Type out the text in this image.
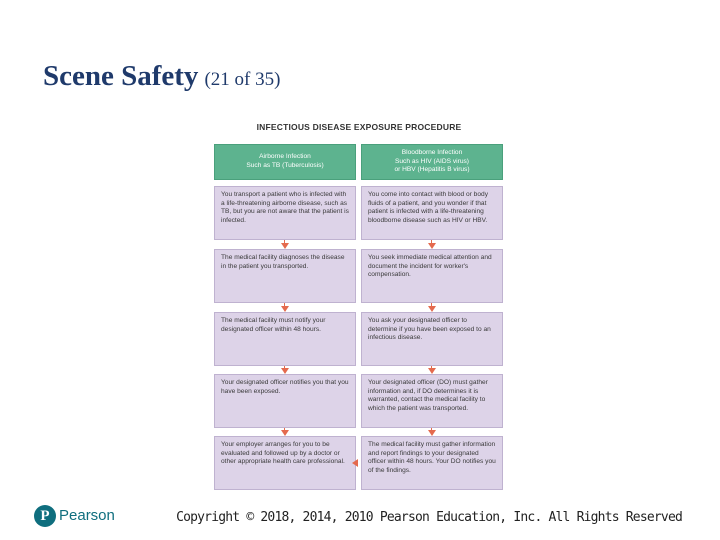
Scene Safety (21 of 35)
INFECTIOUS DISEASE EXPOSURE PROCEDURE
Airborne Infection
Such as TB (Tuberculosis)
Bloodborne Infection
Such as HIV (AIDS virus)
or HBV (Hepatitis B virus)
You transport a patient who is infected with a life-threatening airborne disease, such as TB, but you are not aware that the patient is infected.
The medical facility diagnoses the disease in the patient you transported.
The medical facility must notify your designated officer within 48 hours.
Your designated officer notifies you that you have been exposed.
Your employer arranges for you to be evaluated and followed up by a doctor or other appropriate health care professional.
You come into contact with blood or body fluids of a patient, and you wonder if that patient is infected with a life-threatening bloodborne disease such as HIV or HBV.
You seek immediate medical attention and document the incident for worker's compensation.
You ask your designated officer to determine if you have been exposed to an infectious disease.
Your designated officer (DO) must gather information and, if DO determines it is warranted, contact the medical facility to which the patient was transported.
The medical facility must gather information and report findings to your designated officer within 48 hours. Your DO notifies you of the findings.
P Pearson	Copyright © 2018, 2014, 2010 Pearson Education, Inc. All Rights Reserved
